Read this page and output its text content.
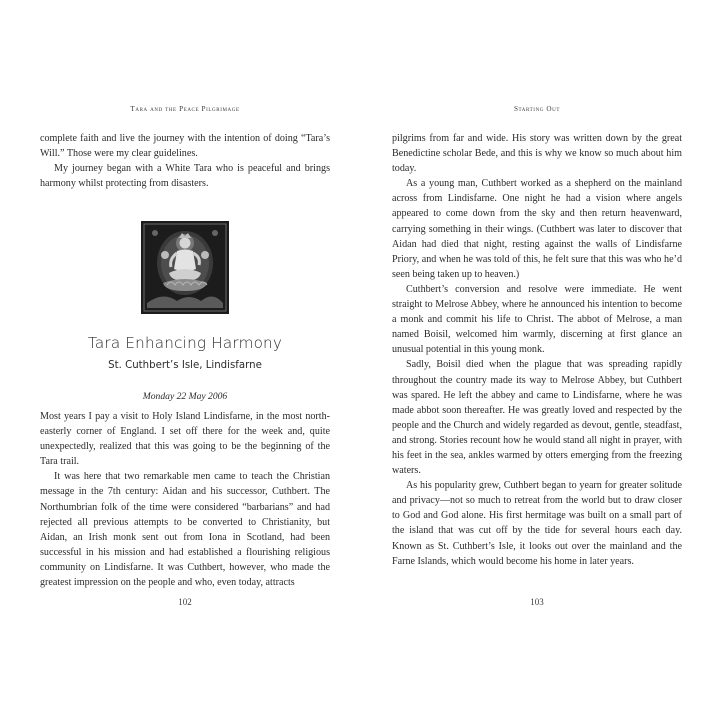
Tara and the Peace Pilgrimage

complete faith and live the journey with the intention of doing “Tara’s Will.” Those were my clear guidelines.

My journey began with a White Tara who is peaceful and brings harmony whilst protecting from disasters.

Tara Enhancing Harmony
St. Cuthbert’s Isle, Lindisfarne
Monday 22 May 2006

Most years I pay a visit to Holy Island Lindisfarne, in the most north-easterly corner of England. I set off there for the week and, quite unexpectedly, realized that this was going to be the beginning of the Tara trail.

It was here that two remarkable men came to teach the Christian message in the 7th century: Aidan and his successor, Cuthbert. The Northumbrian folk of the time were considered “barbarians” and had rejected all previous attempts to be converted to Christianity, but Aidan, an Irish monk sent out from Iona in Scotland, had been successful in his mission and had established a flourishing religious community on Lindisfarne. It was Cuthbert, however, who made the greatest impression on the people and who, even today, attracts

102
Starting Out

pilgrims from far and wide. His story was written down by the great Benedictine scholar Bede, and this is why we know so much about him today.

As a young man, Cuthbert worked as a shepherd on the mainland across from Lindisfarne. One night he had a vision where angels appeared to come down from the sky and then return heavenward, carrying something in their wings. (Cuthbert was later to discover that Aidan had died that night, resting against the walls of Lindisfarne Priory, and when he was told of this, he felt sure that this was who he’d seen being taken up to heaven.)

Cuthbert’s conversion and resolve were immediate. He went straight to Melrose Abbey, where he announced his intention to become a monk and commit his life to Christ. The abbot of Melrose, a man named Boisil, welcomed him warmly, discerning at first glance an unusual potential in this young monk.

Sadly, Boisil died when the plague that was spreading rapidly throughout the country made its way to Melrose Abbey, but Cuthbert was spared. He left the abbey and came to Lindisfarne, where he was made abbot soon thereafter. He was greatly loved and respected by the people and the Church and widely regarded as devout, gentle, steadfast, and strong. Stories recount how he would stand all night in prayer, with his feet in the sea, ankles warmed by otters emerging from the freezing waters.

As his popularity grew, Cuthbert began to yearn for greater solitude and privacy—not so much to retreat from the world but to draw closer to God and God alone. His first hermitage was built on a small part of the island that was cut off by the tide for several hours each day. Known as St. Cuthbert’s Isle, it looks out over the mainland and the Farne Islands, which would become his home in later years.

103
